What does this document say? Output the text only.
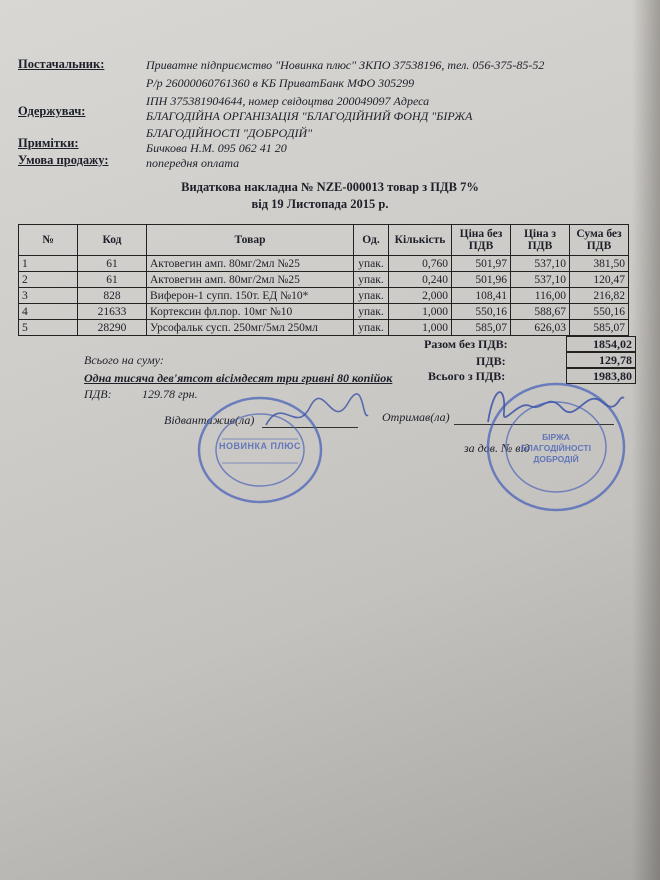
Постачальник:	Приватне підприємство "Новинка плюс" ЗКПО 37538196, тел. 056-375-85-52
Р/р 26000060761360 в КБ ПриватБанк МФО 305299
ІПН 375381904644, номер свідоцтва 200049097 Адреса
Одержувач:	БЛАГОДІЙНА ОРГАНІЗАЦІЯ "БЛАГОДІЙНИЙ ФОНД "БІРЖА
БЛАГОДІЙНОСТІ "ДОБРОДІЙ"
Примітки:	Бичкова Н.М. 095 062 41 20
Умова продажу:	попередня оплата
Видаткова накладна № NZE-000013 товар з ПДВ 7%
від 19 Листопада 2015 р.
№	Код	Товар	Од.	Кількість	Ціна без ПДВ	Ціна з ПДВ	Сума без ПДВ
1	61	Актовегин амп. 80мг/2мл №25	упак.	0,760	501,97	537,10	381,50
2	61	Актовегин амп. 80мг/2мл №25	упак.	0,240	501,96	537,10	120,47
3	828	Виферон-1 супп. 150т. ЕД №10*	упак.	2,000	108,41	116,00	216,82
4	21633	Кортексин фл.пор. 10мг №10	упак.	1,000	550,16	588,67	550,16
5	28290	Урсофальк сусп. 250мг/5мл 250мл	упак.	1,000	585,07	626,03	585,07
Разом без ПДВ:	1854,02
ПДВ:	129,78
Всього з ПДВ:	1983,80
Всього на суму:
Одна тисяча дев'ятсот вісімдесят три гривні 80 копійок
ПДВ:	129.78 грн.
Відвантажив(ла)	Отримав(ла)
за дов. № від
НОВИНКА ПЛЮС
БІРЖА БЛАГОДІЙНОСТІ ДОБРОДІЙ
